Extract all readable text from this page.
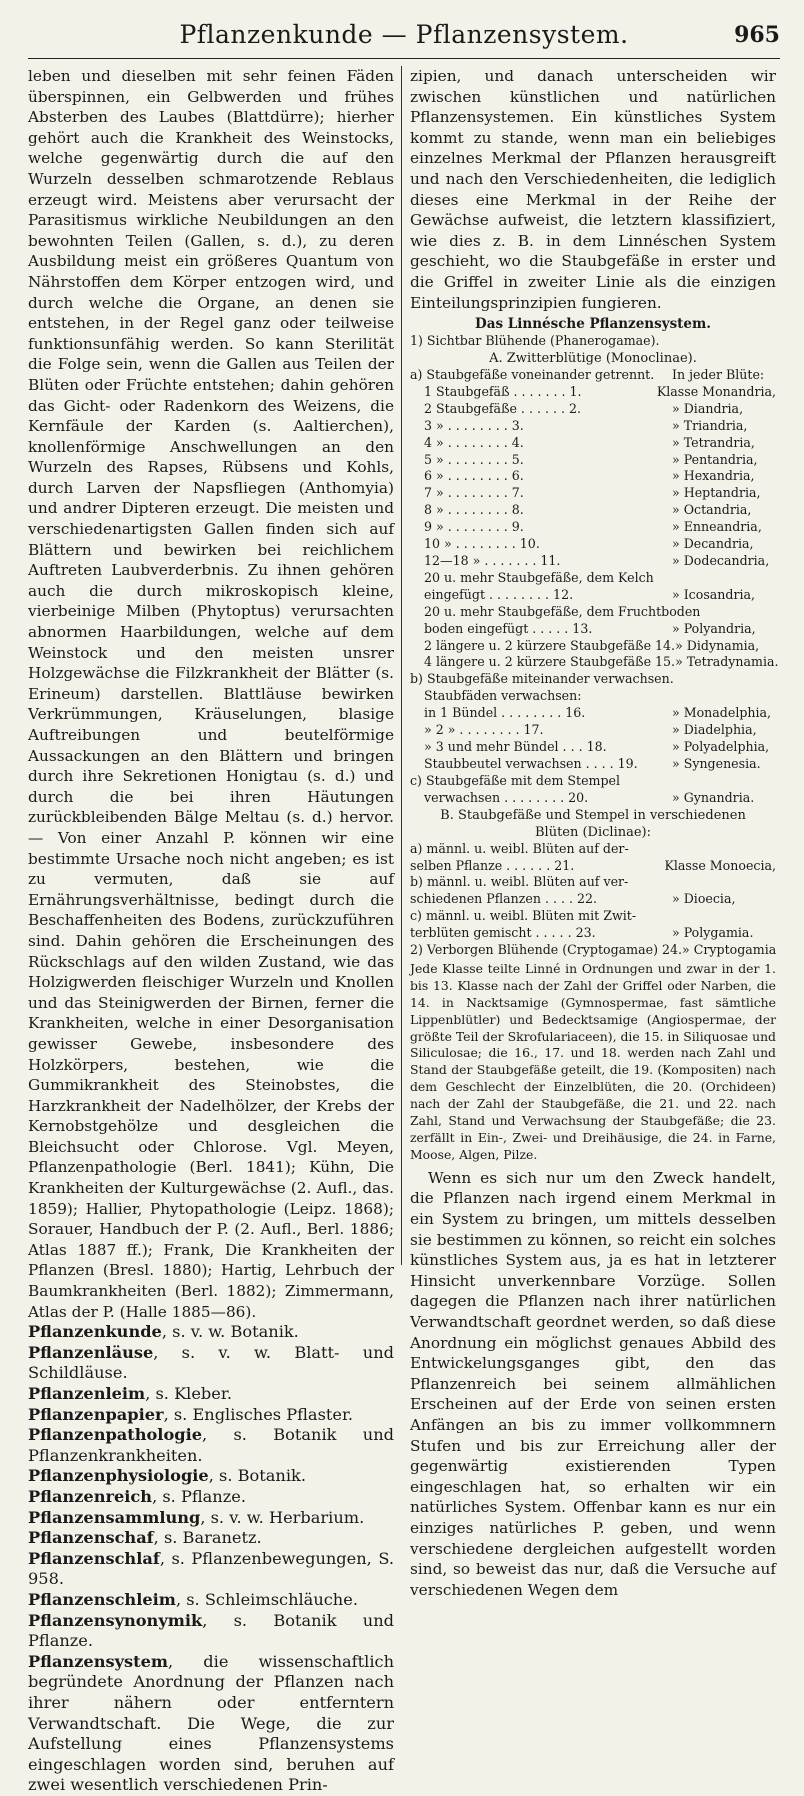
Pflanzenkunde — Pflanzensystem.	965

leben und dieselben mit sehr feinen Fäden überspinnen, ein Gelbwerden und frühes Absterben des Laubes (Blattdürre); hierher gehört auch die Krankheit des Weinstocks, welche gegenwärtig durch die auf den Wurzeln desselben schmarotzende Reblaus erzeugt wird. Meistens aber verursacht der Parasitismus wirkliche Neubildungen an den bewohnten Teilen (Gallen, s. d.), zu deren Ausbildung meist ein größeres Quantum von Nährstoffen dem Körper entzogen wird, und durch welche die Organe, an denen sie entstehen, in der Regel ganz oder teilweise funktionsunfähig werden. So kann Sterilität die Folge sein, wenn die Gallen aus Teilen der Blüten oder Früchte entstehen; dahin gehören das Gicht- oder Radenkorn des Weizens, die Kernfäule der Karden (s. Aaltierchen), knollenförmige Anschwellungen an den Wurzeln des Rapses, Rübsens und Kohls, durch Larven der Napsfliegen (Anthomyia) und andrer Dipteren erzeugt. Die meisten und verschiedenartigsten Gallen finden sich auf Blättern und bewirken bei reichlichem Auftreten Laubverderbnis. Zu ihnen gehören auch die durch mikroskopisch kleine, vierbeinige Milben (Phytoptus) verursachten abnormen Haarbildungen, welche auf dem Weinstock und den meisten unsrer Holzgewächse die Filzkrankheit der Blätter (s. Erineum) darstellen. Blattläuse bewirken Verkrümmungen, Kräuselungen, blasige Auftreibungen und beutelförmige Aussackungen an den Blättern und bringen durch ihre Sekretionen Honigtau (s. d.) und durch die bei ihren Häutungen zurückbleibenden Bälge Meltau (s. d.) hervor. — Von einer Anzahl P. können wir eine bestimmte Ursache noch nicht angeben; es ist zu vermuten, daß sie auf Ernährungsverhältnisse, bedingt durch die Beschaffenheiten des Bodens, zurückzuführen sind. Dahin gehören die Erscheinungen des Rückschlags auf den wilden Zustand, wie das Holzigwerden fleischiger Wurzeln und Knollen und das Steinigwerden der Birnen, ferner die Krankheiten, welche in einer Desorganisation gewisser Gewebe, insbesondere des Holzkörpers, bestehen, wie die Gummikrankheit des Steinobstes, die Harzkrankheit der Nadelhölzer, der Krebs der Kernobstgehölze und desgleichen die Bleichsucht oder Chlorose. Vgl. Meyen, Pflanzenpathologie (Berl. 1841); Kühn, Die Krankheiten der Kulturgewächse (2. Aufl., das. 1859); Hallier, Phytopathologie (Leipz. 1868); Sorauer, Handbuch der P. (2. Aufl., Berl. 1886; Atlas 1887 ff.); Frank, Die Krankheiten der Pflanzen (Bresl. 1880); Hartig, Lehrbuch der Baumkrankheiten (Berl. 1882); Zimmermann, Atlas der P. (Halle 1885—86).

Pflanzenkunde, s. v. w. Botanik.
Pflanzenläuse, s. v. w. Blatt- und Schildläuse.
Pflanzenleim, s. Kleber.
Pflanzenpapier, s. Englisches Pflaster.
Pflanzenpathologie, s. Botanik und Pflanzenkrankheiten.
Pflanzenphysiologie, s. Botanik.
Pflanzenreich, s. Pflanze.
Pflanzensammlung, s. v. w. Herbarium.
Pflanzenschaf, s. Baranetz.
Pflanzenschlaf, s. Pflanzenbewegungen, S. 958.
Pflanzenschleim, s. Schleimschläuche.
Pflanzensynonymik, s. Botanik und Pflanze.
Pflanzensystem, die wissenschaftlich begründete Anordnung der Pflanzen nach ihrer nähern oder entferntern Verwandtschaft. Die Wege, die zur Aufstellung eines Pflanzensystems eingeschlagen worden sind, beruhen auf zwei wesentlich verschiedenen Prin-

zipien, und danach unterscheiden wir zwischen künstlichen und natürlichen Pflanzensystemen. Ein künstliches System kommt zu stande, wenn man ein beliebiges einzelnes Merkmal der Pflanzen herausgreift und nach den Verschiedenheiten, die lediglich dieses eine Merkmal in der Reihe der Gewächse aufweist, die letztern klassifiziert, wie dies z. B. in dem Linnéschen System geschieht, wo die Staubgefäße in erster und die Griffel in zweiter Linie als die einzigen Einteilungsprinzipien fungieren.

Das Linnésche Pflanzensystem.
1) Sichtbar Blühende (Phanerogamae).
A. Zwitterblütige (Monoclinae).
a) Staubgefäße voneinander getrennt.	In jeder Blüte:
1 Staubgefäß . . . . . . . 1.	Klasse Monandria,
2 Staubgefäße . . . . . . 2.	» Diandria,
3 » . . . . . . . . 3.	» Triandria,
4 » . . . . . . . . 4.	» Tetrandria,
5 » . . . . . . . . 5.	» Pentandria,
6 » . . . . . . . . 6.	» Hexandria,
7 » . . . . . . . . 7.	» Heptandria,
8 » . . . . . . . . 8.	» Octandria,
9 » . . . . . . . . 9.	» Enneandria,
10 » . . . . . . . . 10.	» Decandria,
12—18 » . . . . . . . 11.	» Dodecandria,
20 u. mehr Staubgefäße, dem Kelch
eingefügt . . . . . . . . 12.	» Icosandria,
20 u. mehr Staubgefäße, dem Fruchtboden
boden eingefügt . . . . . 13.	» Polyandria,
2 längere u. 2 kürzere Staubgefäße 14. » Didynamia,
4 längere u. 2 kürzere Staubgefäße 15. » Tetradynamia.
b) Staubgefäße miteinander verwachsen.
Staubfäden verwachsen:
in 1 Bündel . . . . . . . . 16.	» Monadelphia,
» 2 » . . . . . . . . 17.	» Diadelphia,
» 3 und mehr Bündel . . . 18.	» Polyadelphia,
Staubbeutel verwachsen . . . . 19.	» Syngenesia.
c) Staubgefäße mit dem Stempel
verwachsen . . . . . . . . 20.	» Gynandria.
B. Staubgefäße und Stempel in verschiedenen
Blüten (Diclinae):
a) männl. u. weibl. Blüten auf der-
selben Pflanze . . . . . . 21.	Klasse Monoecia,
b) männl. u. weibl. Blüten auf ver-
schiedenen Pflanzen . . . . 22.	» Dioecia,
c) männl. u. weibl. Blüten mit Zwit-
terblüten gemischt . . . . . 23.	» Polygamia.
2) Verborgen Blühende (Cryptogamae) 24. » Cryptogamia

Jede Klasse teilte Linné in Ordnungen und zwar in der 1. bis 13. Klasse nach der Zahl der Griffel oder Narben, die 14. in Nacktsamige (Gymnospermae, fast sämtliche Lippenblütler) und Bedecktsamige (Angiospermae, der größte Teil der Skrofulariaceen), die 15. in Siliquosae und Siliculosae; die 16., 17. und 18. werden nach Zahl und Stand der Staubgefäße geteilt, die 19. (Kompositen) nach dem Geschlecht der Einzelblüten, die 20. (Orchideen) nach der Zahl der Staubgefäße, die 21. und 22. nach Zahl, Stand und Verwachsung der Staubgefäße; die 23. zerfällt in Ein-, Zwei- und Dreihäusige, die 24. in Farne, Moose, Algen, Pilze.

Wenn es sich nur um den Zweck handelt, die Pflanzen nach irgend einem Merkmal in ein System zu bringen, um mittels desselben sie bestimmen zu können, so reicht ein solches künstliches System aus, ja es hat in letzterer Hinsicht unverkennbare Vorzüge. Sollen dagegen die Pflanzen nach ihrer natürlichen Verwandtschaft geordnet werden, so daß diese Anordnung ein möglichst genaues Abbild des Entwickelungsganges gibt, den das Pflanzenreich bei seinem allmählichen Erscheinen auf der Erde von seinen ersten Anfängen an bis zu immer vollkommnern Stufen und bis zur Erreichung aller der gegenwärtig existierenden Typen eingeschlagen hat, so erhalten wir ein natürliches System. Offenbar kann es nur ein einziges natürliches P. geben, und wenn verschiedene dergleichen aufgestellt worden sind, so beweist das nur, daß die Versuche auf verschiedenen Wegen dem
